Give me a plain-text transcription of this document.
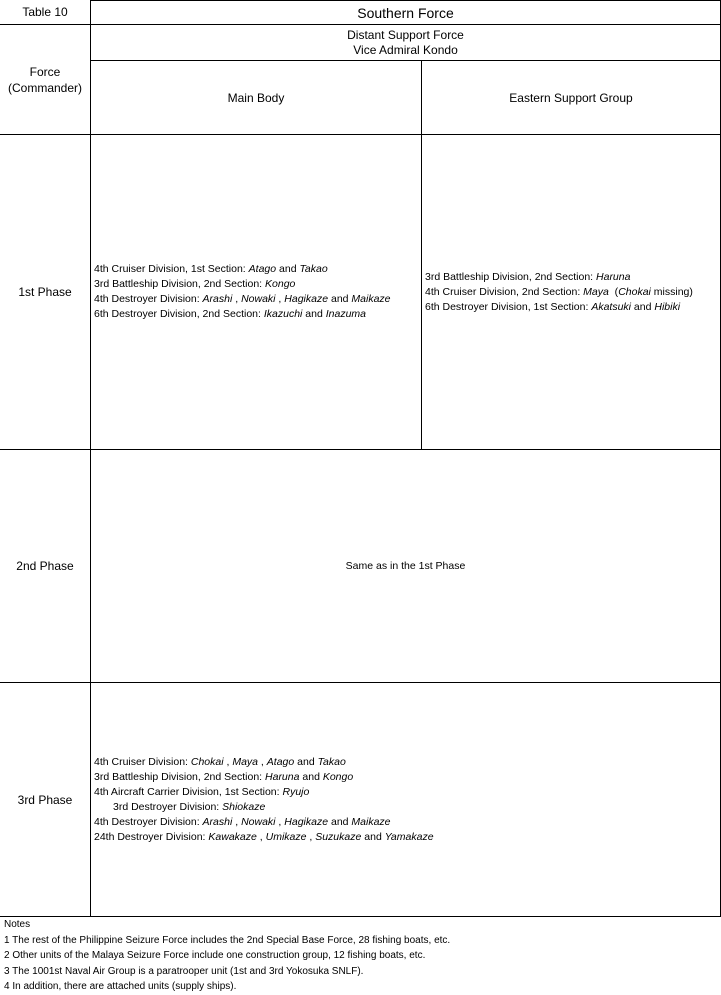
Table 10	Southern Force
Force
(Commander)
Distant Support Force
Vice Admiral Kondo
Main Body	Eastern Support Group
1st Phase
2nd Phase
3rd Phase
4th Cruiser Division, 1st Section: Atago and Takao
3rd Battleship Division, 2nd Section: Kongo
4th Destroyer Division: Arashi , Nowaki , Hagikaze and Maikaze
6th Destroyer Division, 2nd Section: Ikazuchi and Inazuma
3rd Battleship Division, 2nd Section: Haruna
4th Cruiser Division, 2nd Section: Maya  (Chokai missing)
6th Destroyer Division, 1st Section: Akatsuki and Hibiki
Same as in the 1st Phase
4th Cruiser Division: Chokai , Maya , Atago and Takao
3rd Battleship Division, 2nd Section: Haruna and Kongo
4th Aircraft Carrier Division, 1st Section: Ryujo
3rd Destroyer Division: Shiokaze
4th Destroyer Division: Arashi , Nowaki , Hagikaze and Maikaze
24th Destroyer Division: Kawakaze , Umikaze , Suzukaze and Yamakaze
Notes
1 The rest of the Philippine Seizure Force includes the 2nd Special Base Force, 28 fishing boats, etc.
2 Other units of the Malaya Seizure Force include one construction group, 12 fishing boats, etc.
3 The 1001st Naval Air Group is a paratrooper unit (1st and 3rd Yokosuka SNLF).
4 In addition, there are attached units (supply ships).
